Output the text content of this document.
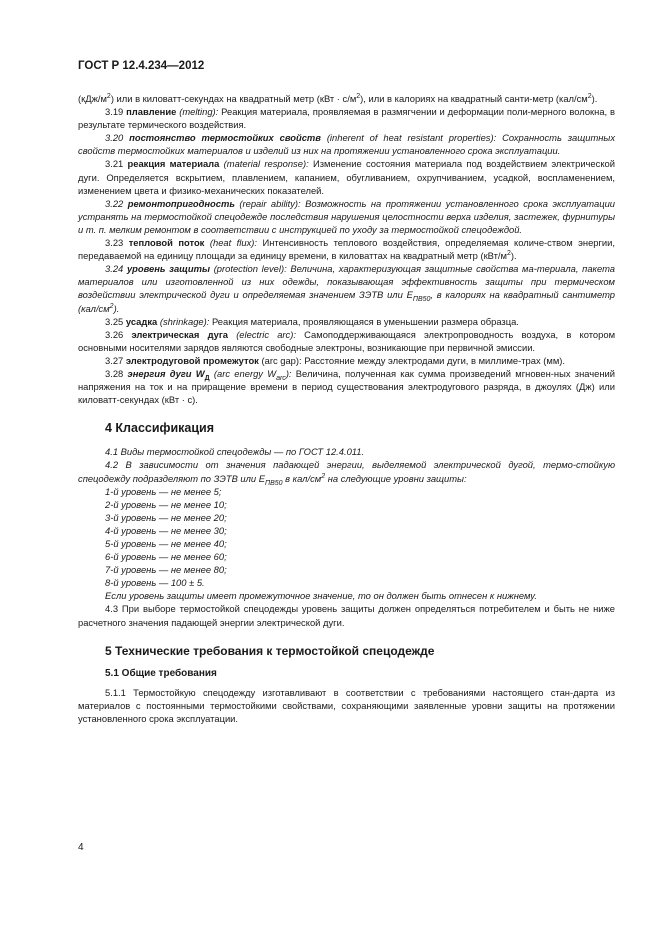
ГОСТ Р 12.4.234—2012

$(кДж/м^2)$ или в киловатт-секундах на квадратный метр $(кВт \cdot с/м^2)$, или в калориях на квадратный санти-метр $(кал/см^2)$.

3.19 плавление (melting): Реакция материала, проявляемая в размягчении и деформации поли-мерного волокна, в результате термического воздействия.

3.20 постоянство термостойких свойств (inherent of heat resistant properties): Сохранность защитных свойств термостойких материалов и изделий из них на протяжении установленного срока эксплуатации.

3.21 реакция материала (material response): Изменение состояния материала под воздействием электрической дуги. Определяется вскрытием, плавлением, капанием, обугливанием, охрупчиванием, усадкой, воспламенением, изменением цвета и физико-механических показателей.

3.22 ремонтопригодность (repair ability): Возможность на протяжении установленного срока эксплуатации устранять на термостойкой спецодежде последствия нарушения целостности верха изделия, застежек, фурнитуры и т. п. мелким ремонтом в соответствии с инструкцией по уходу за термостойкой спецодеждой.

3.23 тепловой поток (heat flux): Интенсивность теплового воздействия, определяемая количе-ством энергии, передаваемой на единицу площади за единицу времени, в киловаттах на квадратный метр $(кВт/м^2)$.

3.24 уровень защиты (protection level): Величина, характеризующая защитные свойства ма-териала, пакета материалов или изготовленной из них одежды, показывающая эффективность защиты при термическом воздействии электрической дуги и определяемая значением ЗЭТВ или $E_{ПВ50}$, в калориях на квадратный сантиметр $(кал/см^2)$.

3.25 усадка (shrinkage): Реакция материала, проявляющаяся в уменьшении размера образца.

3.26 электрическая дуга (electric arc): Самоподдерживающаяся электропроводность воздуха, в котором основными носителями зарядов являются свободные электроны, возникающие при первичной эмиссии.

3.27 электродуговой промежуток (arc gap): Расстояние между электродами дуги, в миллиме-трах (мм).

3.28 энергия дуги $W_Д$ (arc energy $W_{arc}$): Величина, полученная как сумма произведений мгновен-ных значений напряжения на ток и на приращение времени в период существования электродугового разряда, в джоулях (Дж) или киловатт-секундах (кВт · с).

4 Классификация

4.1 Виды термостойкой спецодежды — по ГОСТ 12.4.011.

4.2 В зависимости от значения падающей энергии, выделяемой электрической дугой, термо-стойкую спецодежду подразделяют по ЗЭТВ или $E_{ПВ50}$ в кал/$см^2$ на следующие уровни защиты:

1-й уровень — не менее 5;

2-й уровень — не менее 10;

3-й уровень — не менее 20;

4-й уровень — не менее 30;

5-й уровень — не менее 40;

6-й уровень — не менее 60;

7-й уровень — не менее 80;

8-й уровень — 100 ± 5.

Если уровень защиты имеет промежуточное значение, то он должен быть отнесен к нижнему.

4.3 При выборе термостойкой спецодежды уровень защиты должен определяться потребителем и быть не ниже расчетного значения падающей энергии электрической дуги.

5 Технические требования к термостойкой спецодежде

5.1 Общие требования

5.1.1 Термостойкую спецодежду изготавливают в соответствии с требованиями настоящего стан-дарта из материалов с постоянными термостойкими свойствами, сохраняющими заявленные уровни защиты на протяжении установленного срока эксплуатации.

4
